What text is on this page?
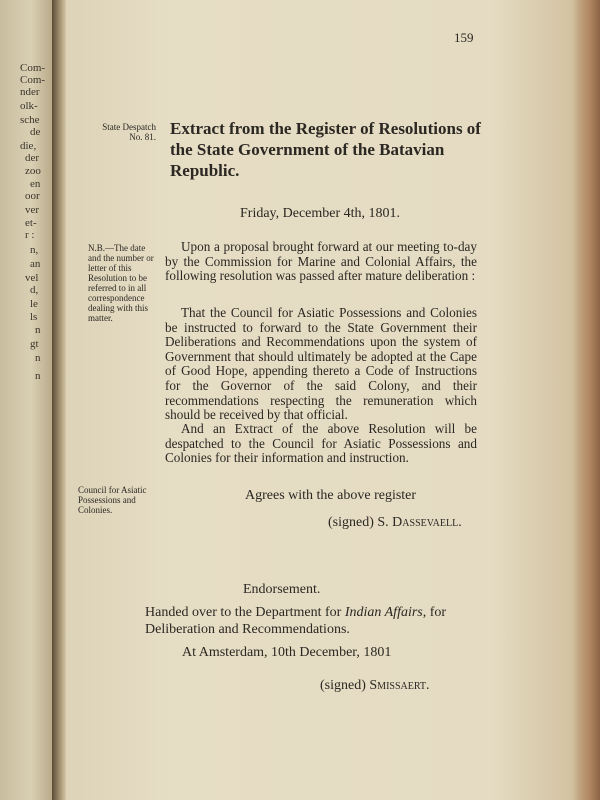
Com-
Com-
nder
olk-
sche
de
die,
der
zoo
en
oor
ver
et-
r :
n,
an
vel
d,
le
ls
n
gt
n
n
159
State Despatch No. 81. Extract from the Register of Resolutions of the State Government of the Batavian Republic.
Friday, December 4th, 1801.
N.B.—The date and the number or letter of this Resolution to be referred to in all correspondence dealing with this matter.
Upon a proposal brought forward at our meeting to-day by the Commission for Marine and Colonial Affairs, the following resolution was passed after mature deliberation :
That the Council for Asiatic Possessions and Colonies be instructed to forward to the State Government their Deliberations and Recommendations upon the system of Government that should ultimately be adopted at the Cape of Good Hope, appending thereto a Code of Instructions for the Governor of the said Colony, and their recommendations respecting the remuneration which should be received by that official.
And an Extract of the above Resolution will be despatched to the Council for Asiatic Possessions and Colonies for their information and instruction.
Council for Asiatic Possessions and Colonies.
Agrees with the above register
(signed) S. Dassevaell.
Endorsement.
Handed over to the Department for Indian Affairs, for Deliberation and Recommendations.
At Amsterdam, 10th December, 1801
(signed) Smissaert.
